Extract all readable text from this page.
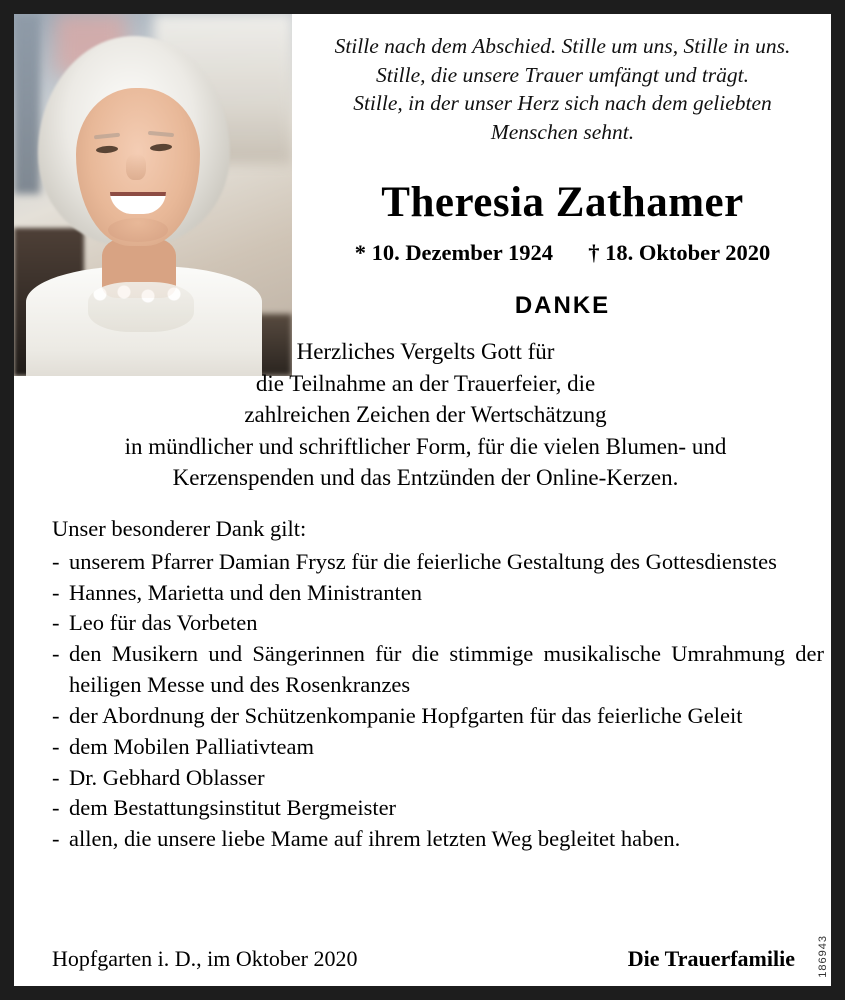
Stille nach dem Abschied. Stille um uns, Stille in uns.
Stille, die unsere Trauer umfängt und trägt.
Stille, in der unser Herz sich nach dem geliebten
Menschen sehnt.
Theresia Zathamer
* 10. Dezember 1924 † 18. Oktober 2020
DANKE
Herzliches Vergelts Gott für
die Teilnahme an der Trauerfeier, die
zahlreichen Zeichen der Wertschätzung
in mündlicher und schriftlicher Form, für die vielen Blumen- und
Kerzenspenden und das Entzünden der Online-Kerzen.

Unser besonderer Dank gilt:

- unserem Pfarrer Damian Frysz für die feierliche Gestaltung des Gottesdienstes
- Hannes, Marietta und den Ministranten
- Leo für das Vorbeten
- den Musikern und Sängerinnen für die stimmige musikalische Umrahmung der heiligen Messe und des Rosenkranzes
- der Abordnung der Schützenkompanie Hopfgarten für das feierliche Geleit
- dem Mobilen Palliativteam
- Dr. Gebhard Oblasser
- dem Bestattungsinstitut Bergmeister
- allen, die unsere liebe Mame auf ihrem letzten Weg begleitet haben.
Hopfgarten i. D., im Oktober 2020	Die Trauerfamilie 186943
